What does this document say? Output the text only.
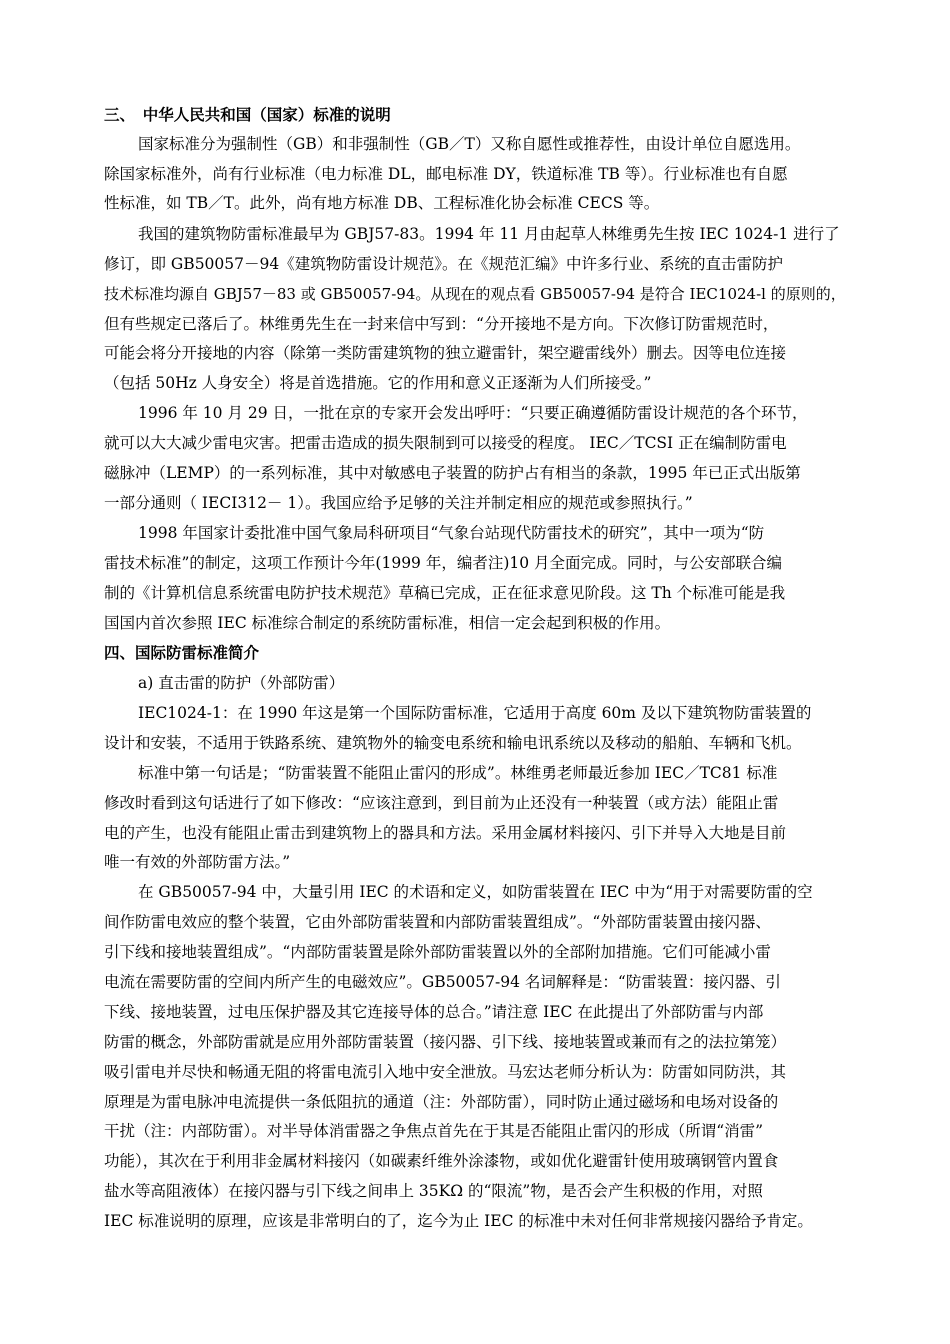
三、　中华人民共和国（国家）标准的说明
国家标准分为强制性（GB）和非强制性（GB／T）又称自愿性或推荐性，由设计单位自愿选用。
除国家标准外，尚有行业标准（电力标准 DL，邮电标准 DY，铁道标准 TB 等）。行业标准也有自愿
性标准，如 TB／T。此外，尚有地方标准 DB、工程标准化协会标准 CECS 等。
我国的建筑物防雷标准最早为 GBJ57-83。1994 年 11 月由起草人林维勇先生按 IEC 1024-1 进行了
修订，即 GB50057－94《建筑物防雷设计规范》。在《规范汇编》中许多行业、系统的直击雷防护
技术标准均源自 GBJ57－83 或 GB50057-94。从现在的观点看 GB50057-94 是符合 IEC1024-l 的原则的，
但有些规定已落后了。林维勇先生在一封来信中写到：“分开接地不是方向。下次修订防雷规范时，
可能会将分开接地的内容（除第一类防雷建筑物的独立避雷针，架空避雷线外）删去。因等电位连接
（包括 50Hz 人身安全）将是首选措施。它的作用和意义正逐渐为人们所接受。”
1996 年 10 月 29 日，一批在京的专家开会发出呼吁：“只要正确遵循防雷设计规范的各个环节，
就可以大大减少雷电灾害。把雷击造成的损失限制到可以接受的程度。 IEC／TCSI 正在编制防雷电
磁脉冲（LEMP）的一系列标准，其中对敏感电子装置的防护占有相当的条款，1995 年已正式出版第
一部分通则（ IECI312－ 1）。我国应给予足够的关注并制定相应的规范或参照执行。”
1998 年国家计委批准中国气象局科研项目“气象台站现代防雷技术的研究”，其中一项为“防
雷技术标准”的制定，这项工作预计今年(1999 年，编者注)10 月全面完成。同时，与公安部联合编
制的《计算机信息系统雷电防护技术规范》草稿已完成，正在征求意见阶段。这 Th 个标准可能是我
国国内首次参照 IEC 标准综合制定的系统防雷标准，相信一定会起到积极的作用。
四、国际防雷标准简介
a) 直击雷的防护（外部防雷）
IEC1024-1：在 1990 年这是第一个国际防雷标准，它适用于高度 60m 及以下建筑物防雷装置的
设计和安装，不适用于铁路系统、建筑物外的输变电系统和输电讯系统以及移动的船舶、车辆和飞机。
标准中第一句话是；“防雷装置不能阻止雷闪的形成”。林维勇老师最近参加 IEC／TC81 标准
修改时看到这句话进行了如下修改：“应该注意到，到目前为止还没有一种装置（或方法）能阻止雷
电的产生，也没有能阻止雷击到建筑物上的器具和方法。采用金属材料接闪、引下并导入大地是目前
唯一有效的外部防雷方法。”
在 GB50057-94 中，大量引用 IEC 的术语和定义，如防雷装置在 IEC 中为“用于对需要防雷的空
间作防雷电效应的整个装置，它由外部防雷装置和内部防雷装置组成”。“外部防雷装置由接闪器、
引下线和接地装置组成”。“内部防雷装置是除外部防雷装置以外的全部附加措施。它们可能减小雷
电流在需要防雷的空间内所产生的电磁效应”。GB50057-94 名词解释是：“防雷装置：接闪器、引
下线、接地装置，过电压保护器及其它连接导体的总合。”请注意 IEC 在此提出了外部防雷与内部
防雷的概念，外部防雷就是应用外部防雷装置（接闪器、引下线、接地装置或兼而有之的法拉第笼）
吸引雷电并尽快和畅通无阻的将雷电流引入地中安全泄放。马宏达老师分析认为：防雷如同防洪，其
原理是为雷电脉冲电流提供一条低阻抗的通道（注：外部防雷），同时防止通过磁场和电场对设备的
干扰（注：内部防雷）。对半导体消雷器之争焦点首先在于其是否能阻止雷闪的形成（所谓“消雷”
功能），其次在于利用非金属材料接闪（如碳素纤维外涂漆物，或如优化避雷针使用玻璃钢管内置食
盐水等高阻液体）在接闪器与引下线之间串上 35KΩ 的“限流”物，是否会产生积极的作用，对照
IEC 标准说明的原理，应该是非常明白的了，迄今为止 IEC 的标准中未对任何非常规接闪器给予肯定。
